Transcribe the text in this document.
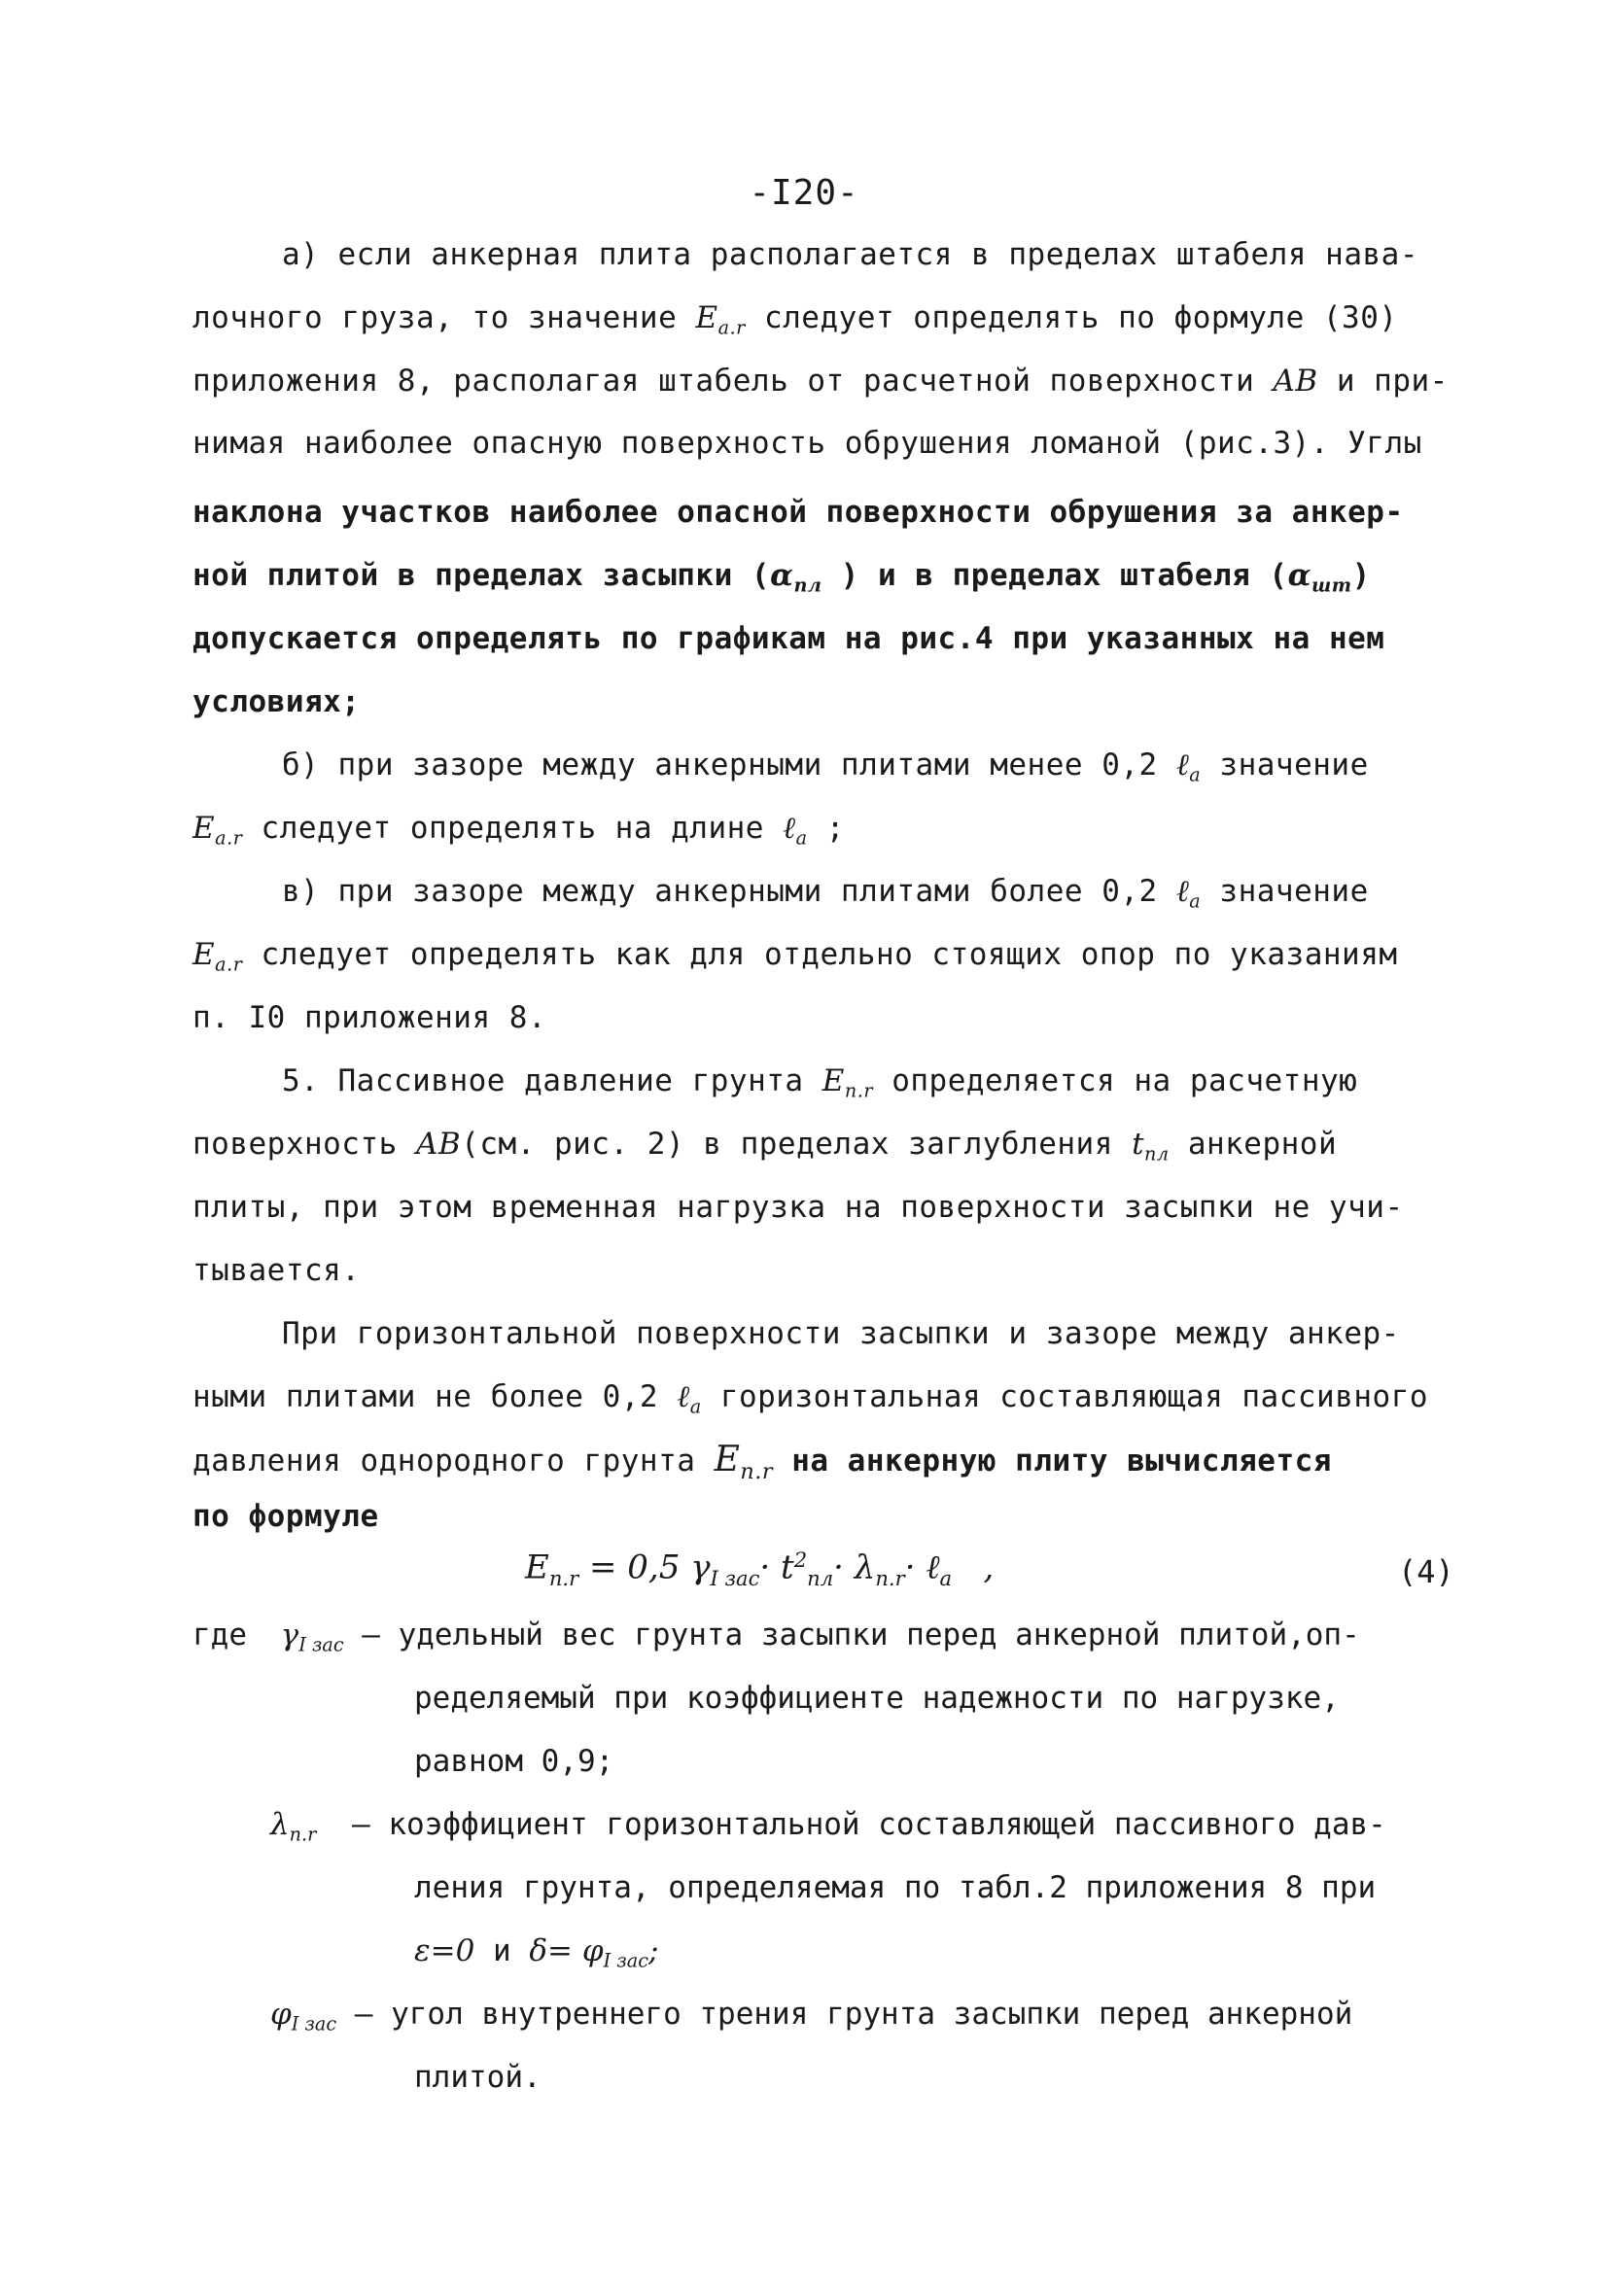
-I20-
а) если анкерная плита располагается в пределах штабеля нава-
лочного груза, то значение $E_{a.r}$ следует определять по формуле (30)
приложения 8, располагая штабель от расчетной поверхности AB и при-
нимая наиболее опасную поверхность обрушения ломаной (рис.3). Углы
наклона участков наиболее опасной поверхности обрушения за анкер-
ной плитой в пределах засыпки ($\alpha_{пл}$ ) и в пределах штабеля $(\alpha_{шт})$
допускается определять по графикам на рис.4 при указанных на нем
условиях;
б) при зазоре между анкерными плитами менее 0,2 ℓ$_a$ значение
$E_{a.r}$ следует определять на длине ℓ$_a$ ;
в) при зазоре между анкерными плитами более 0,2 ℓ$_a$ значение
$E_{a.r}$ следует определять как для отдельно стоящих опор по указаниям
п. I0 приложения 8.
5. Пассивное давление грунта $E_{п.r}$ определяется на расчетную
поверхность AB(см. рис. 2) в пределах заглубления $t_{пл}$ анкерной
плиты, при этом временная нагрузка на поверхности засыпки не учи-
тывается.
При горизонтальной поверхности засыпки и зазоре между анкер-
ными плитами не более 0,2 ℓ$_a$ горизонтальная составляющая пассивного
давления однородного грунта $E_{п.r}$ на анкерную плиту вычисляется
по формуле
$E_{п.r} = 0,5$ $\gamma_{I зас}\cdot t^2_{пл}\cdot \lambda_{п.r}\cdot$ ℓ$_a$ ,	(4)
где $\gamma_{I зас}$ – удельный вес грунта засыпки перед анкерной плитой,оп-
ределяемый при коэффициенте надежности по нагрузке,
равном 0,9;
$\lambda_{п.r}$ – коэффициент горизонтальной составляющей пассивного дав-
ления грунта, определяемая по табл.2 приложения 8 при
ε=0 и $\delta= \varphi_{I зас}$;
$\varphi_{I зас}$ – угол внутреннего трения грунта засыпки перед анкерной
плитой.
